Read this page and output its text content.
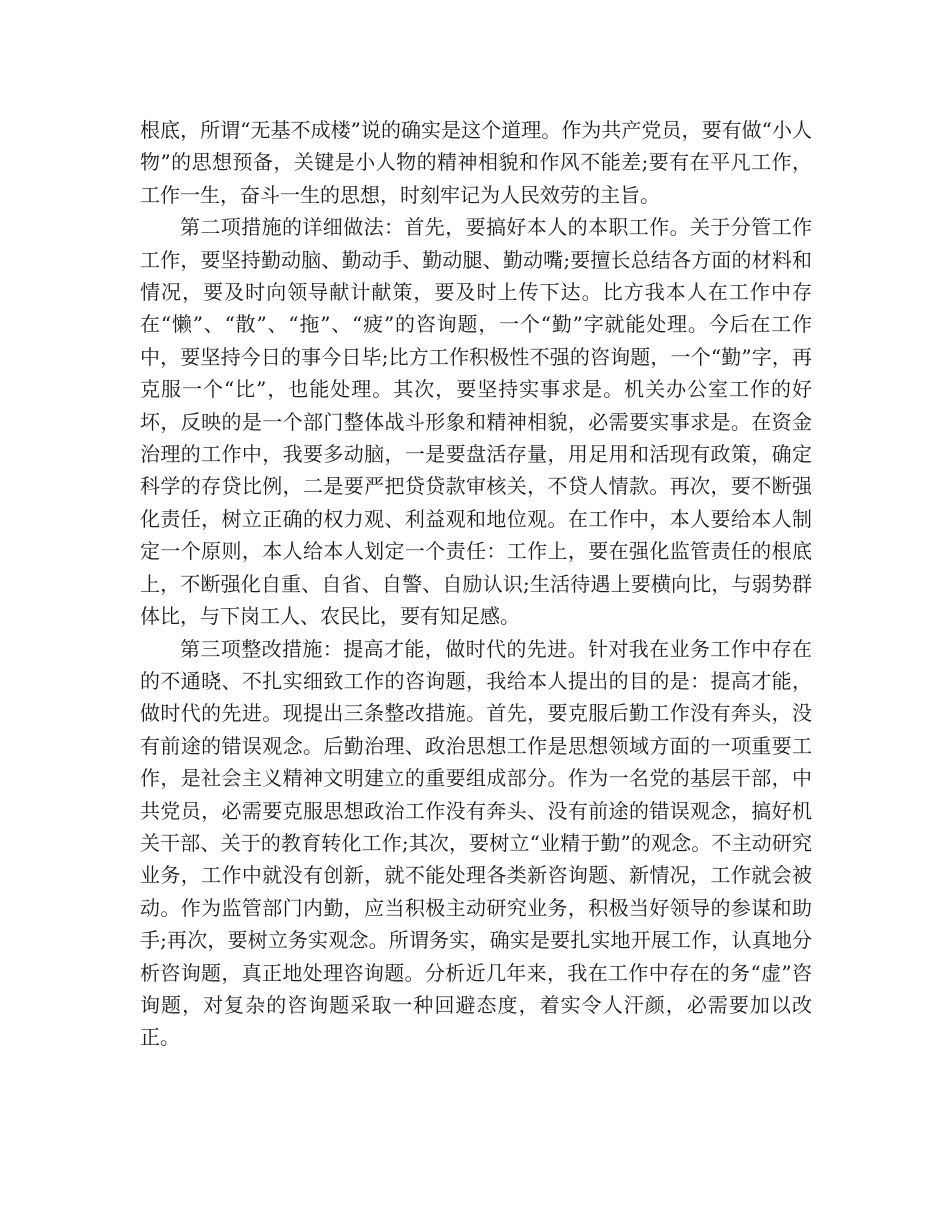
根底，所谓“无基不成楼”说的确实是这个道理。作为共产党员，要有做“小人物”的思想预备，关键是小人物的精神相貌和作风不能差;要有在平凡工作，工作一生，奋斗一生的思想，时刻牢记为人民效劳的主旨。

第二项措施的详细做法：首先，要搞好本人的本职工作。关于分管工作工作，要坚持勤动脑、勤动手、勤动腿、勤动嘴;要擅长总结各方面的材料和情况，要及时向领导献计献策，要及时上传下达。比方我本人在工作中存在“懒”、“散”、“拖”、“疲”的咨询题，一个“勤”字就能处理。今后在工作中，要坚持今日的事今日毕;比方工作积极性不强的咨询题，一个“勤”字，再克服一个“比”，也能处理。其次，要坚持实事求是。机关办公室工作的好坏，反映的是一个部门整体战斗形象和精神相貌，必需要实事求是。在资金治理的工作中，我要多动脑，一是要盘活存量，用足用和活现有政策，确定科学的存贷比例，二是要严把贷贷款审核关，不贷人情款。再次，要不断强化责任，树立正确的权力观、利益观和地位观。在工作中，本人要给本人制定一个原则，本人给本人划定一个责任：工作上，要在强化监管责任的根底上，不断强化自重、自省、自警、自励认识;生活待遇上要横向比，与弱势群体比，与下岗工人、农民比，要有知足感。

第三项整改措施：提高才能，做时代的先进。针对我在业务工作中存在的不通晓、不扎实细致工作的咨询题，我给本人提出的目的是：提高才能，做时代的先进。现提出三条整改措施。首先，要克服后勤工作没有奔头，没有前途的错误观念。后勤治理、政治思想工作是思想领域方面的一项重要工作，是社会主义精神文明建立的重要组成部分。作为一名党的基层干部，中共党员，必需要克服思想政治工作没有奔头、没有前途的错误观念，搞好机关干部、关于的教育转化工作;其次，要树立“业精于勤”的观念。不主动研究业务，工作中就没有创新，就不能处理各类新咨询题、新情况，工作就会被动。作为监管部门内勤，应当积极主动研究业务，积极当好领导的参谋和助手;再次，要树立务实观念。所谓务实，确实是要扎实地开展工作，认真地分析咨询题，真正地处理咨询题。分析近几年来，我在工作中存在的务“虚”咨询题，对复杂的咨询题采取一种回避态度，着实令人汗颜，必需要加以改正。
